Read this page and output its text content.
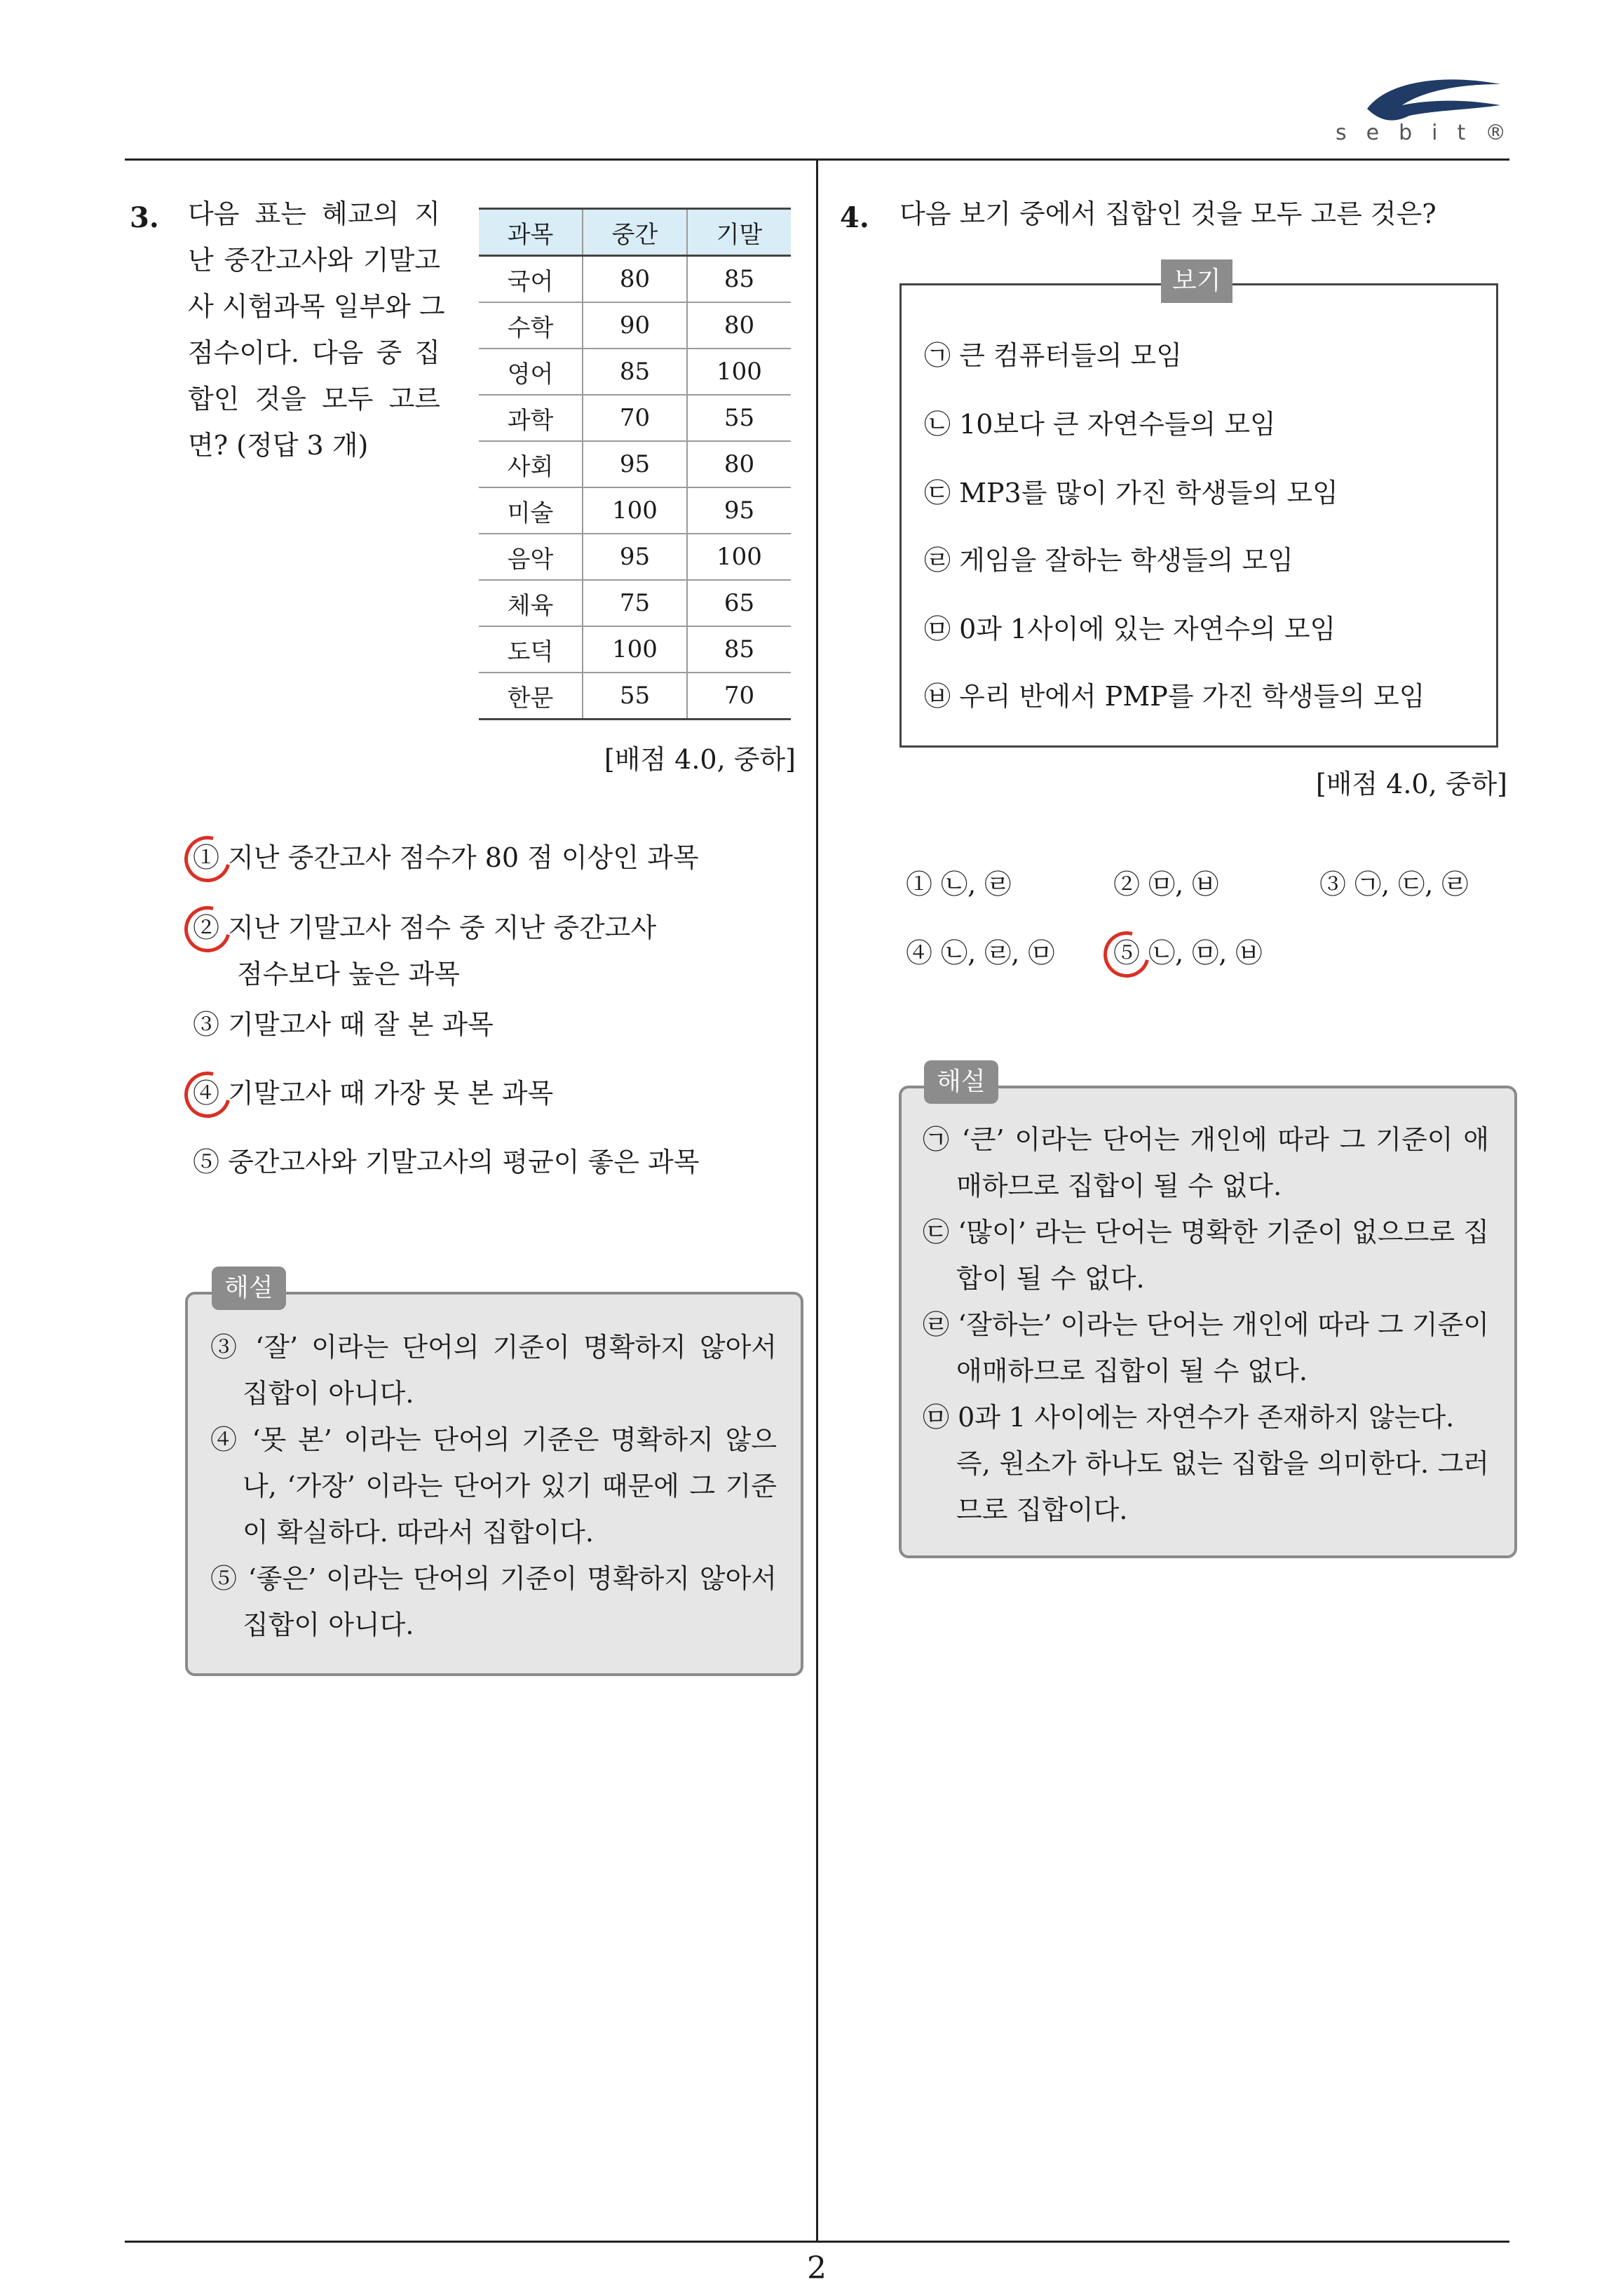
sebit®
2
3. 다음 표는 혜교의 지
난 중간고사와 기말고
사 시험과목 일부와 그
점수이다. 다음 중 집
합인 것을 모두 고르
면? (정답 3 개)
과목	중간	기말
국어	80	85
수학	90	80
영어	85	100
과학	70	55
사회	95	80
미술	100	95
음악	95	100
체육	75	65
도덕	100	85
한문	55	70
[배점 4.0, 중하]
① 지난 중간고사 점수가 80 점 이상인 과목
② 지난 기말고사 점수 중 지난 중간고사
점수보다 높은 과목
③ 기말고사 때 잘 본 과목
④ 기말고사 때 가장 못 본 과목
⑤ 중간고사와 기말고사의 평균이 좋은 과목
해설
③ ‘잘’ 이라는 단어의 기준이 명확하지 않아서
집합이 아니다.
④ ‘못 본’ 이라는 단어의 기준은 명확하지 않으
나, ‘가장’ 이라는 단어가 있기 때문에 그 기준
이 확실하다. 따라서 집합이다.
⑤ ‘좋은’ 이라는 단어의 기준이 명확하지 않아서
집합이 아니다.
4. 다음 보기 중에서 집합인 것을 모두 고른 것은?
보기
㉠ 큰 컴퓨터들의 모임
㉡ 10보다 큰 자연수들의 모임
㉢ MP3를 많이 가진 학생들의 모임
㉣ 게임을 잘하는 학생들의 모임
㉤ 0과 1사이에 있는 자연수의 모임
㉥ 우리 반에서 PMP를 가진 학생들의 모임
[배점 4.0, 중하]
① ㉡, ㉣	② ㉤, ㉥	③ ㉠, ㉢, ㉣
④ ㉡, ㉣, ㉤ ⑤ ㉡, ㉤, ㉥
해설
㉠ ‘큰’ 이라는 단어는 개인에 따라 그 기준이 애
매하므로 집합이 될 수 없다.
㉢ ‘많이’ 라는 단어는 명확한 기준이 없으므로 집
합이 될 수 없다.
㉣ ‘잘하는’ 이라는 단어는 개인에 따라 그 기준이
애매하므로 집합이 될 수 없다.
㉤ 0과 1 사이에는 자연수가 존재하지 않는다.
즉, 원소가 하나도 없는 집합을 의미한다. 그러
므로 집합이다.
